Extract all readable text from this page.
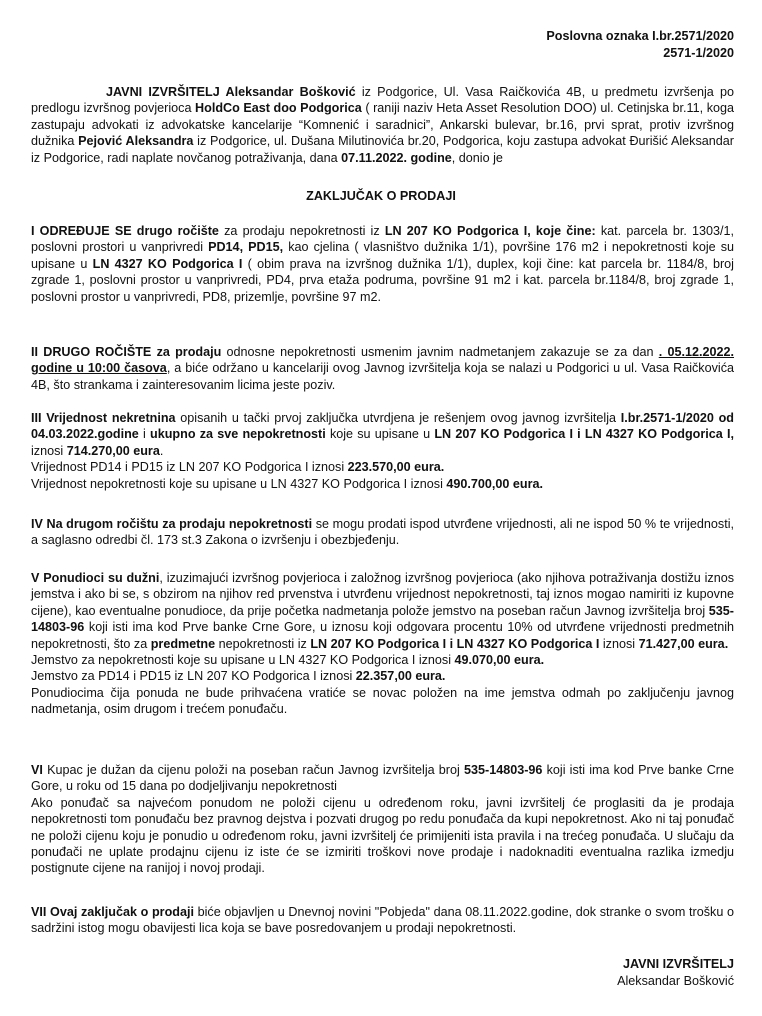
Poslovna oznaka I.br.2571/2020
2571-1/2020

JAVNI IZVRŠITELJ Aleksandar Bošković iz Podgorice, Ul. Vasa Raičkovića 4B, u predmetu izvršenja po predlogu izvršnog povjerioca HoldCo East doo Podgorica ( raniji naziv Heta Asset Resolution DOO) ul. Cetinjska br.11, koga zastupaju advokati iz advokatske kancelarije “Komnenić i saradnici”, Ankarski bulevar, br.16, prvi sprat, protiv izvršnog dužnika Pejović Aleksandra iz Podgorice, ul. Dušana Milutinovića br.20, Podgorica, koju zastupa advokat Đurišić Aleksandar iz Podgorice, radi naplate novčanog potraživanja, dana 07.11.2022. godine, donio je

ZAKLJUČAK O PRODAJI

I ODREĐUJE SE drugo ročište za prodaju nepokretnosti iz LN 207 KO Podgorica I, koje čine: kat. parcela br. 1303/1, poslovni prostori u vanprivredi PD14, PD15, kao cjelina ( vlasništvo dužnika 1/1), površine 176 m2 i nepokretnosti koje su upisane u LN 4327 KO Podgorica I ( obim prava na izvršnog dužnika 1/1), duplex, koji čine: kat parcela br. 1184/8, broj zgrade 1, poslovni prostor u vanprivredi, PD4, prva etaža podruma, površine 91 m2 i kat. parcela br.1184/8, broj zgrade 1, poslovni prostor u vanprivredi, PD8, prizemlje, površine 97 m2.

II DRUGO ROČIŠTE za prodaju odnosne nepokretnosti usmenim javnim nadmetanjem zakazuje se za dan . 05.12.2022. godine u 10:00 časova, a biće održano u kancelariji ovog Javnog izvršitelja koja se nalazi u Podgorici u ul. Vasa Raičkovića 4B, što strankama i zainteresovanim licima jeste poziv.

III Vrijednost nekretnina opisanih u tački prvoj zaključka utvrdjena je rešenjem ovog javnog izvršitelja I.br.2571-1/2020 od 04.03.2022.godine i ukupno za sve nepokretnosti koje su upisane u LN 207 KO Podgorica I i LN 4327 KO Podgorica I, iznosi 714.270,00 eura.
Vrijednost PD14 i PD15 iz LN 207 KO Podgorica I iznosi 223.570,00 eura.
Vrijednost nepokretnosti koje su upisane u LN 4327 KO Podgorica I iznosi 490.700,00 eura.

IV Na drugom ročištu za prodaju nepokretnosti se mogu prodati ispod utvrđene vrijednosti, ali ne ispod 50 % te vrijednosti, a saglasno odredbi čl. 173 st.3 Zakona o izvršenju i obezbjeđenju.

V Ponudioci su dužni, izuzimajući izvršnog povjerioca i založnog izvršnog povjerioca (ako njihova potraživanja dostižu iznos jemstva i ako bi se, s obzirom na njihov red prvenstva i utvrđenu vrijednost nepokretnosti, taj iznos mogao namiriti iz kupovne cijene), kao eventualne ponudioce, da prije početka nadmetanja polože jemstvo na poseban račun Javnog izvršitelja broj 535-14803-96 koji isti ima kod Prve banke Crne Gore, u iznosu koji odgovara procentu 10% od utvrđene vrijednosti predmetnih nepokretnosti, što za predmetne nepokretnosti iz LN 207 KO Podgorica I i LN 4327 KO Podgorica I iznosi 71.427,00 eura.
Jemstvo za nepokretnosti koje su upisane u LN 4327 KO Podgorica I iznosi 49.070,00 eura.
Jemstvo za PD14 i PD15 iz LN 207 KO Podgorica I iznosi 22.357,00 eura.
Ponudiocima čija ponuda ne bude prihvaćena vratiće se novac položen na ime jemstva odmah po zaključenju javnog nadmetanja, osim drugom i trećem ponuđaču.

VI Kupac je dužan da cijenu položi na poseban račun Javnog izvršitelja broj 535-14803-96 koji isti ima kod Prve banke Crne Gore, u roku od 15 dana po dodjeljivanju nepokretnosti
Ako ponuđač sa najvećom ponudom ne položi cijenu u određenom roku, javni izvršitelj će proglasiti da je prodaja nepokretnosti tom ponuđaču bez pravnog dejstva i pozvati drugog po redu ponuđača da kupi nepokretnost. Ako ni taj ponuđač ne položi cijenu koju je ponudio u određenom roku, javni izvršitelj će primijeniti ista pravila i na trećeg ponuđača. U slučaju da ponuđači ne uplate prodajnu cijenu iz iste će se izmiriti troškovi nove prodaje i nadoknaditi eventualna razlika izmedju postignute cijene na ranijoj i novoj prodaji.

VII Ovaj zaključak o prodaji biće objavljen u Dnevnoj novini "Pobjeda" dana 08.11.2022.godine, dok stranke o svom trošku o sadržini istog mogu obavijesti lica koja se bave posredovanjem u prodaji nepokretnosti.

JAVNI IZVRŠITELJ
Aleksandar Bošković
